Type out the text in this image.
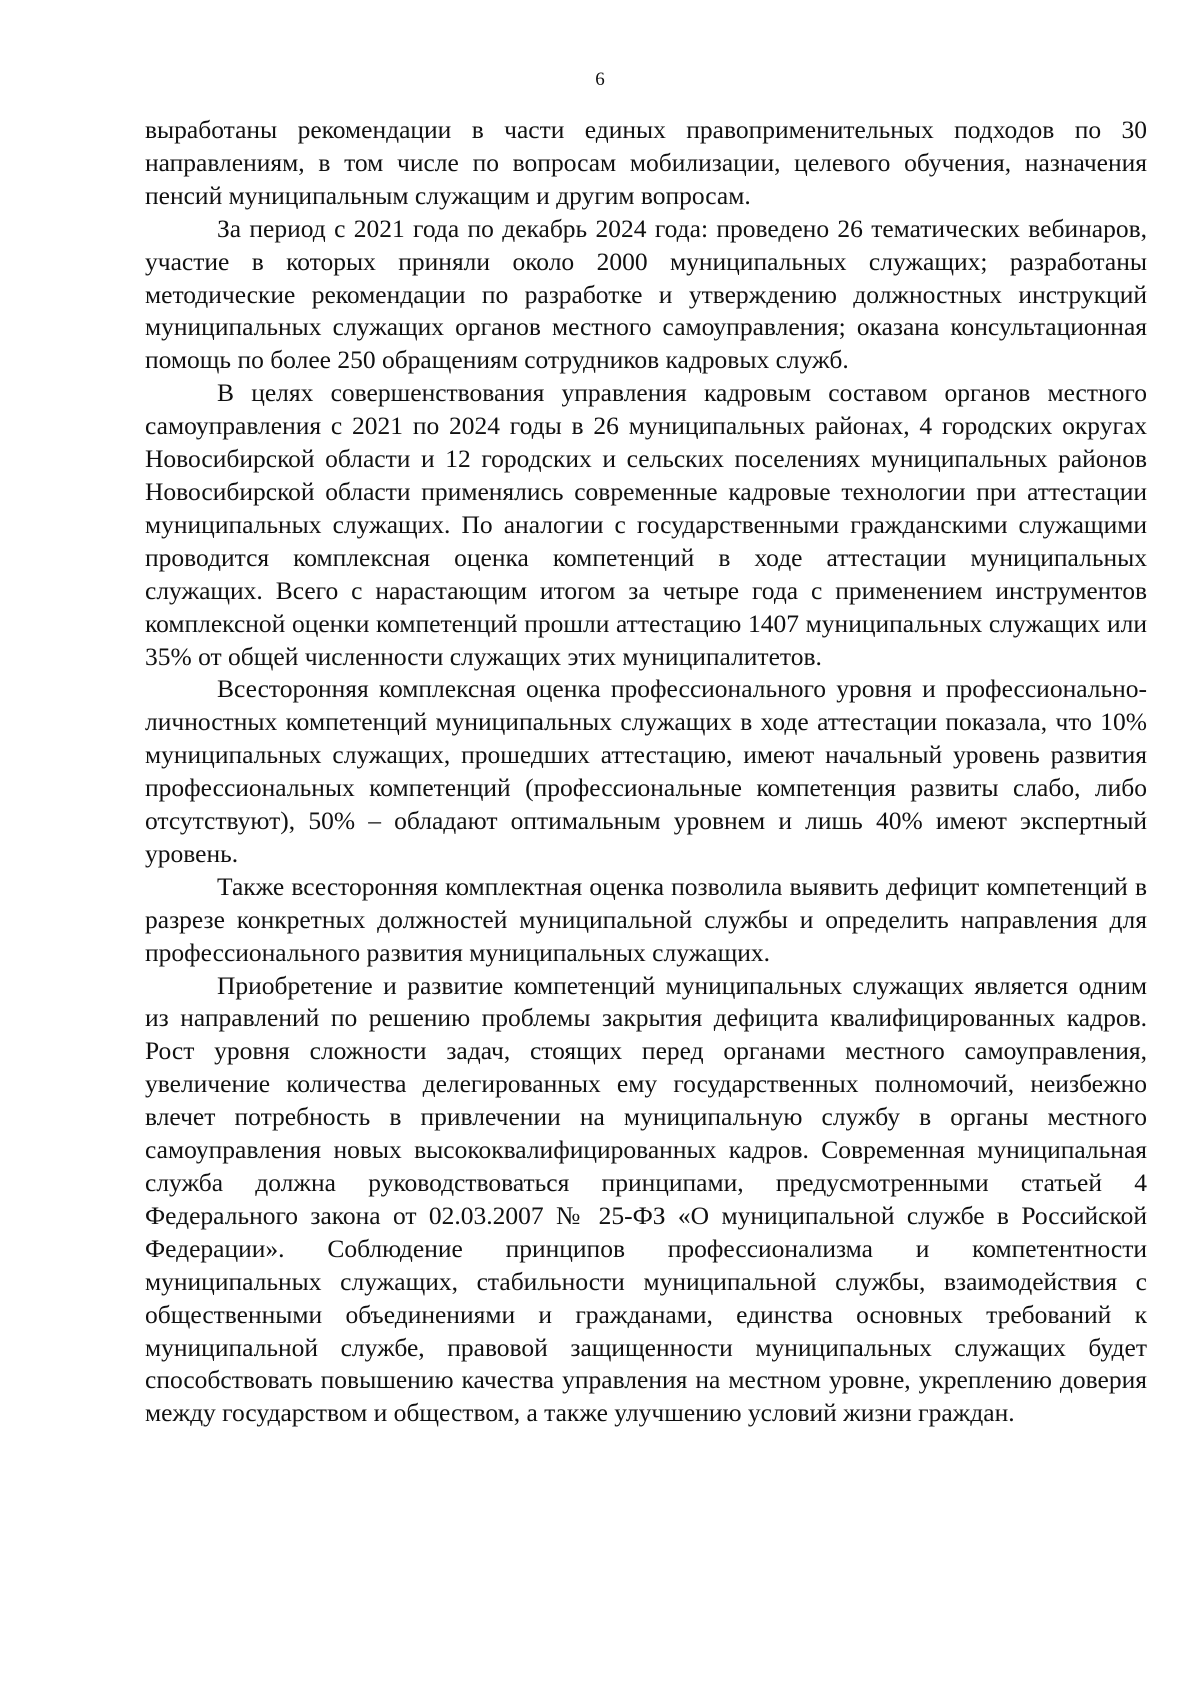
6

выработаны рекомендации в части единых правоприменительных подходов по 30 направлениям, в том числе по вопросам мобилизации, целевого обучения, назначения пенсий муниципальным служащим и другим вопросам.

За период с 2021 года по декабрь 2024 года: проведено 26 тематических вебинаров, участие в которых приняли около 2000 муниципальных служащих; разработаны методические рекомендации по разработке и утверждению должностных инструкций муниципальных служащих органов местного самоуправления; оказана консультационная помощь по более 250 обращениям сотрудников кадровых служб.

В целях совершенствования управления кадровым составом органов местного самоуправления с 2021 по 2024 годы в 26 муниципальных районах, 4 городских округах Новосибирской области и 12 городских и сельских поселениях муниципальных районов Новосибирской области применялись современные кадровые технологии при аттестации муниципальных служащих. По аналогии с государственными гражданскими служащими проводится комплексная оценка компетенций в ходе аттестации муниципальных служащих. Всего с нарастающим итогом за четыре года с применением инструментов комплексной оценки компетенций прошли аттестацию 1407 муниципальных служащих или 35% от общей численности служащих этих муниципалитетов.

Всесторонняя комплексная оценка профессионального уровня и профессионально-личностных компетенций муниципальных служащих в ходе аттестации показала, что 10% муниципальных служащих, прошедших аттестацию, имеют начальный уровень развития профессиональных компетенций (профессиональные компетенция развиты слабо, либо отсутствуют), 50% – обладают оптимальным уровнем и лишь 40% имеют экспертный уровень.

Также всесторонняя комплектная оценка позволила выявить дефицит компетенций в разрезе конкретных должностей муниципальной службы и определить направления для профессионального развития муниципальных служащих.

Приобретение и развитие компетенций муниципальных служащих является одним из направлений по решению проблемы закрытия дефицита квалифицированных кадров. Рост уровня сложности задач, стоящих перед органами местного самоуправления, увеличение количества делегированных ему государственных полномочий, неизбежно влечет потребность в привлечении на муниципальную службу в органы местного самоуправления новых высококвалифицированных кадров. Современная муниципальная служба должна руководствоваться принципами, предусмотренными статьей 4 Федерального закона от 02.03.2007 № 25-ФЗ «О муниципальной службе в Российской Федерации». Соблюдение принципов профессионализма и компетентности муниципальных служащих, стабильности муниципальной службы, взаимодействия с общественными объединениями и гражданами, единства основных требований к муниципальной службе, правовой защищенности муниципальных служащих будет способствовать повышению качества управления на местном уровне, укреплению доверия между государством и обществом, а также улучшению условий жизни граждан.
